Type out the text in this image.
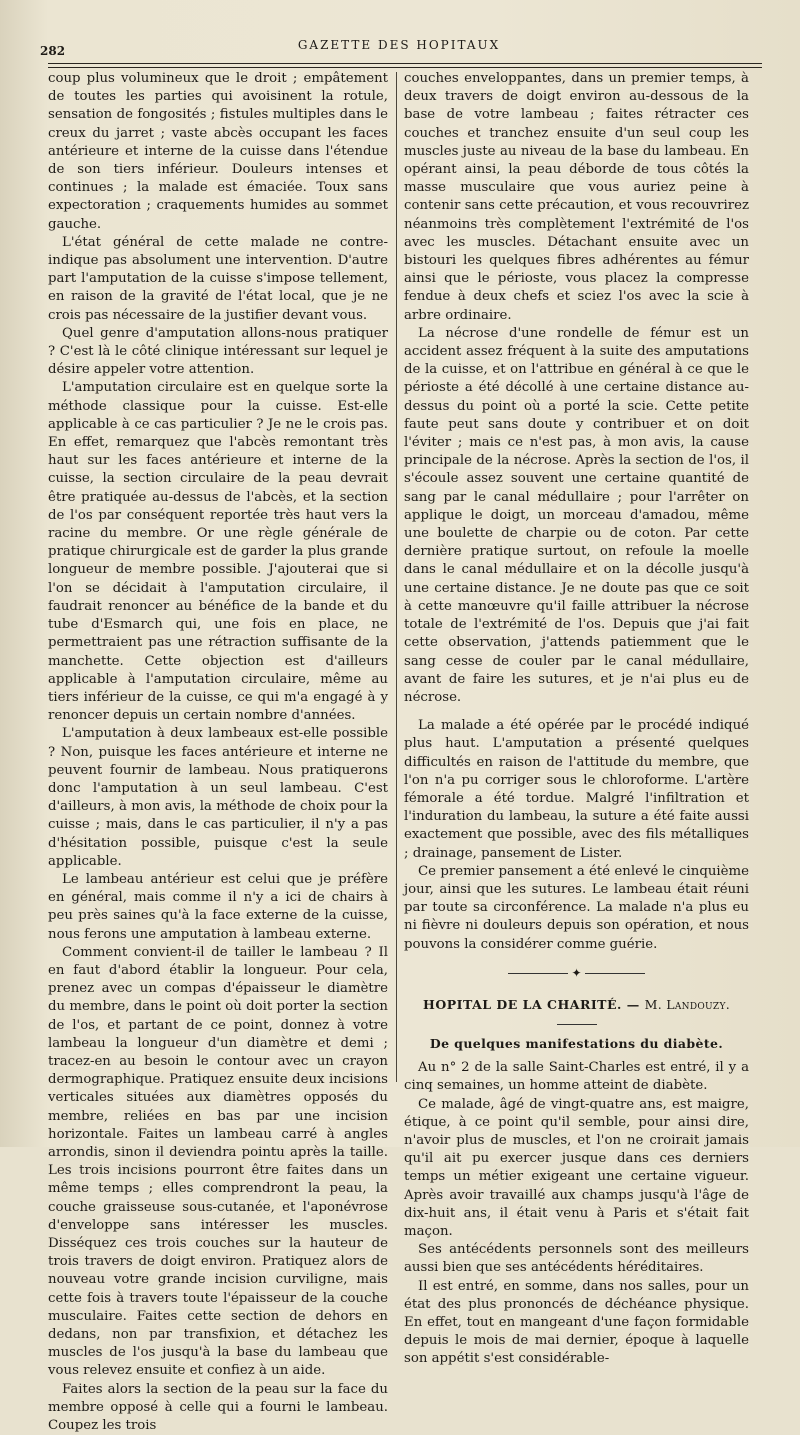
282	GAZETTE DES HOPITAUX

coup plus volumineux que le droit ; empâtement de toutes les parties qui avoisinent la rotule, sensation de fongosités ; fistules multiples dans le creux du jarret ; vaste abcès occupant les faces antérieure et interne de la cuisse dans l'étendue de son tiers inférieur. Douleurs intenses et continues ; la malade est émaciée. Toux sans expectoration ; craquements humides au sommet gauche.

L'état général de cette malade ne contre-indique pas absolument une intervention. D'autre part l'amputation de la cuisse s'impose tellement, en raison de la gravité de l'état local, que je ne crois pas nécessaire de la justifier devant vous.

Quel genre d'amputation allons-nous pratiquer ? C'est là le côté clinique intéressant sur lequel je désire appeler votre attention.

L'amputation circulaire est en quelque sorte la méthode classique pour la cuisse. Est-elle applicable à ce cas particulier ? Je ne le crois pas. En effet, remarquez que l'abcès remontant très haut sur les faces antérieure et interne de la cuisse, la section circulaire de la peau devrait être pratiquée au-dessus de l'abcès, et la section de l'os par conséquent reportée très haut vers la racine du membre. Or une règle générale de pratique chirurgicale est de garder la plus grande longueur de membre possible. J'ajouterai que si l'on se décidait à l'amputation circulaire, il faudrait renoncer au bénéfice de la bande et du tube d'Esmarch qui, une fois en place, ne permettraient pas une rétraction suffisante de la manchette. Cette objection est d'ailleurs applicable à l'amputation circulaire, même au tiers inférieur de la cuisse, ce qui m'a engagé à y renoncer depuis un certain nombre d'années.

L'amputation à deux lambeaux est-elle possible ? Non, puisque les faces antérieure et interne ne peuvent fournir de lambeau. Nous pratiquerons donc l'amputation à un seul lambeau. C'est d'ailleurs, à mon avis, la méthode de choix pour la cuisse ; mais, dans le cas particulier, il n'y a pas d'hésitation possible, puisque c'est la seule applicable.

Le lambeau antérieur est celui que je préfère en général, mais comme il n'y a ici de chairs à peu près saines qu'à la face externe de la cuisse, nous ferons une amputation à lambeau externe.

Comment convient-il de tailler le lambeau ? Il en faut d'abord établir la longueur. Pour cela, prenez avec un compas d'épaisseur le diamètre du membre, dans le point où doit porter la section de l'os, et partant de ce point, donnez à votre lambeau la longueur d'un diamètre et demi ; tracez-en au besoin le contour avec un crayon dermographique. Pratiquez ensuite deux incisions verticales situées aux diamètres opposés du membre, reliées en bas par une incision horizontale. Faites un lambeau carré à angles arrondis, sinon il deviendra pointu après la taille. Les trois incisions pourront être faites dans un même temps ; elles comprendront la peau, la couche graisseuse sous-cutanée, et l'aponévrose d'enveloppe sans intéresser les muscles. Disséquez ces trois couches sur la hauteur de trois travers de doigt environ. Pratiquez alors de nouveau votre grande incision curviligne, mais cette fois à travers toute l'épaisseur de la couche musculaire. Faites cette section de dehors en dedans, non par transfixion, et détachez les muscles de l'os jusqu'à la base du lambeau que vous relevez ensuite et confiez à un aide.

Faites alors la section de la peau sur la face du membre opposé à celle qui a fourni le lambeau. Coupez les trois

couches enveloppantes, dans un premier temps, à deux travers de doigt environ au-dessous de la base de votre lambeau ; faites rétracter ces couches et tranchez ensuite d'un seul coup les muscles juste au niveau de la base du lambeau. En opérant ainsi, la peau déborde de tous côtés la masse musculaire que vous auriez peine à contenir sans cette précaution, et vous recouvrirez néanmoins très complètement l'extrémité de l'os avec les muscles. Détachant ensuite avec un bistouri les quelques fibres adhérentes au fémur ainsi que le périoste, vous placez la compresse fendue à deux chefs et sciez l'os avec la scie à arbre ordinaire.

La nécrose d'une rondelle de fémur est un accident assez fréquent à la suite des amputations de la cuisse, et on l'attribue en général à ce que le périoste a été décollé à une certaine distance au-dessus du point où a porté la scie. Cette petite faute peut sans doute y contribuer et on doit l'éviter ; mais ce n'est pas, à mon avis, la cause principale de la nécrose. Après la section de l'os, il s'écoule assez souvent une certaine quantité de sang par le canal médullaire ; pour l'arrêter on applique le doigt, un morceau d'amadou, même une boulette de charpie ou de coton. Par cette dernière pratique surtout, on refoule la moelle dans le canal médullaire et on la décolle jusqu'à une certaine distance. Je ne doute pas que ce soit à cette manœuvre qu'il faille attribuer la nécrose totale de l'extrémité de l'os. Depuis que j'ai fait cette observation, j'attends patiemment que le sang cesse de couler par le canal médullaire, avant de faire les sutures, et je n'ai plus eu de nécrose.

La malade a été opérée par le procédé indiqué plus haut. L'amputation a présenté quelques difficultés en raison de l'attitude du membre, que l'on n'a pu corriger sous le chloroforme. L'artère fémorale a été tordue. Malgré l'infiltration et l'induration du lambeau, la suture a été faite aussi exactement que possible, avec des fils métalliques ; drainage, pansement de Lister.

Ce premier pansement a été enlevé le cinquième jour, ainsi que les sutures. Le lambeau était réuni par toute sa circonférence. La malade n'a plus eu ni fièvre ni douleurs depuis son opération, et nous pouvons la considérer comme guérie.

✦
HOPITAL DE LA CHARITÉ. — M. Landouzy.
De quelques manifestations du diabète.

Au n° 2 de la salle Saint-Charles est entré, il y a cinq semaines, un homme atteint de diabète.

Ce malade, âgé de vingt-quatre ans, est maigre, étique, à ce point qu'il semble, pour ainsi dire, n'avoir plus de muscles, et l'on ne croirait jamais qu'il ait pu exercer jusque dans ces derniers temps un métier exigeant une certaine vigueur. Après avoir travaillé aux champs jusqu'à l'âge de dix-huit ans, il était venu à Paris et s'était fait maçon.

Ses antécédents personnels sont des meilleurs aussi bien que ses antécédents héréditaires.

Il est entré, en somme, dans nos salles, pour un état des plus prononcés de déchéance physique. En effet, tout en mangeant d'une façon formidable depuis le mois de mai dernier, époque à laquelle son appétit s'est considérable-
